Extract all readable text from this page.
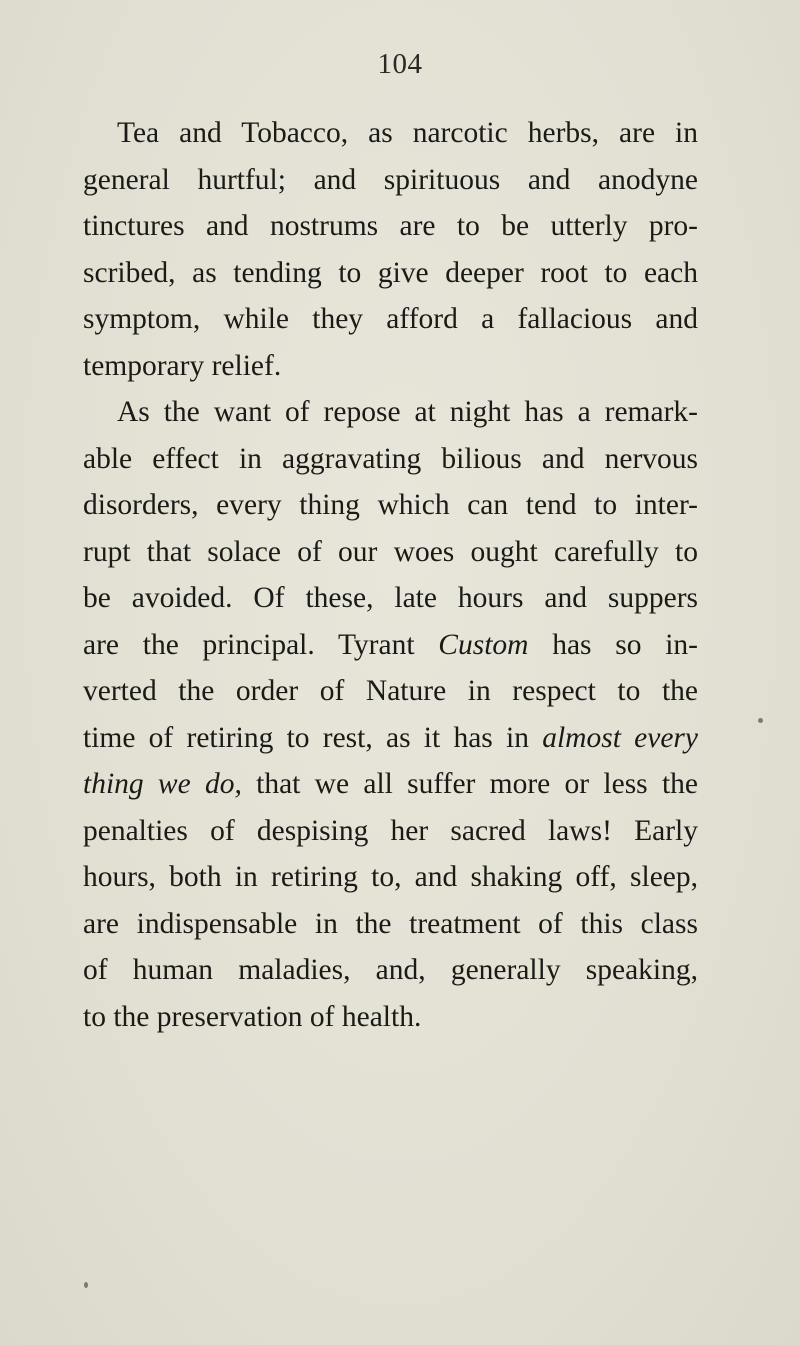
104
Tea and Tobacco, as narcotic herbs, are in
general hurtful; and spirituous and anodyne
tinctures and nostrums are to be utterly pro-
scribed, as tending to give deeper root to each
symptom, while they afford a fallacious and
temporary relief.
As the want of repose at night has a remark-
able effect in aggravating bilious and nervous
disorders, every thing which can tend to inter-
rupt that solace of our woes ought carefully to
be avoided. Of these, late hours and suppers
are the principal. Tyrant Custom has so in-
verted the order of Nature in respect to the
time of retiring to rest, as it has in almost every
thing we do, that we all suffer more or less the
penalties of despising her sacred laws! Early
hours, both in retiring to, and shaking off, sleep,
are indispensable in the treatment of this class
of human maladies, and, generally speaking,
to the preservation of health.
